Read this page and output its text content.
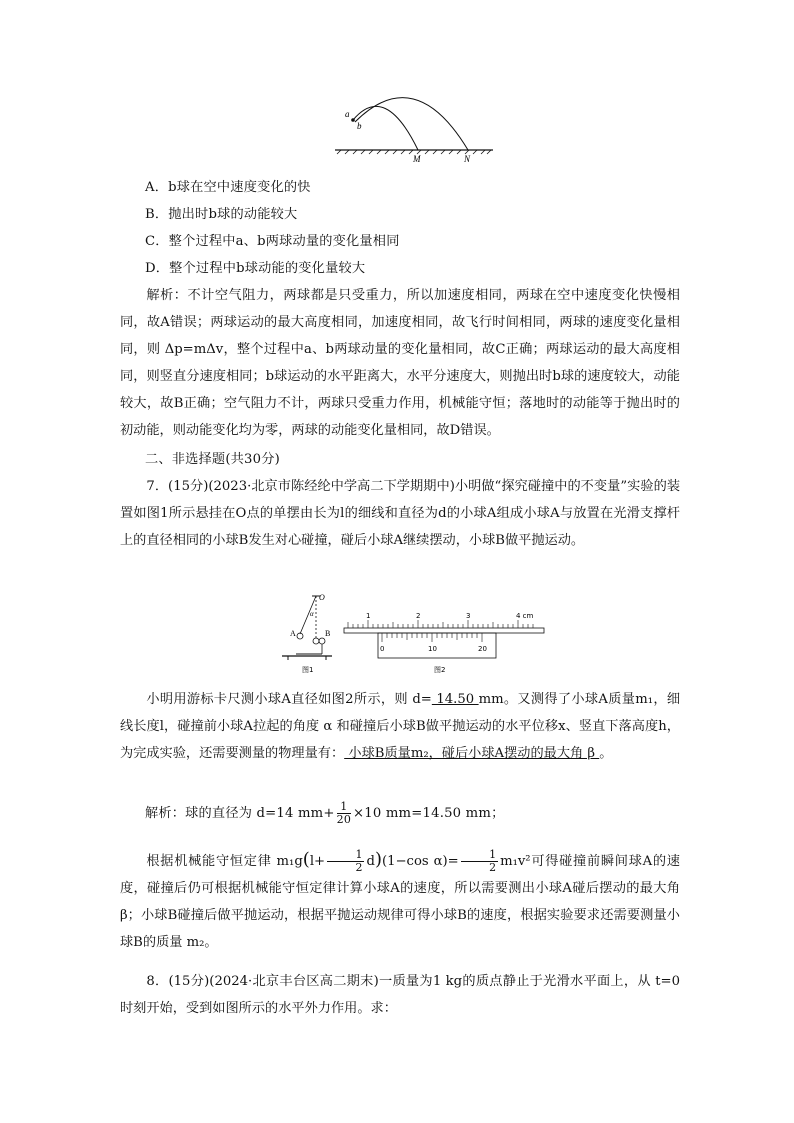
a
b
M	N
A．b球在空中速度变化的快
B．抛出时b球的动能较大
C．整个过程中a、b两球动量的变化量相同
D．整个过程中b球动能的变化量较大

解析：不计空气阻力，两球都是只受重力，所以加速度相同，两球在空中速度变化快慢相同，故A错误；两球运动的最大高度相同，加速度相同，故飞行时间相同，两球的速度变化量相同，则 Δp=mΔv，整个过程中a、b两球动量的变化量相同，故C正确；两球运动的最大高度相同，则竖直分速度相同；b球运动的水平距离大，水平分速度大，则抛出时b球的速度较大，动能较大，故B正确；空气阻力不计，两球只受重力作用，机械能守恒；落地时的动能等于抛出时的初动能，则动能变化均为零，两球的动能变化量相同，故D错误。

二、非选择题(共30分)

7．(15分)(2023·北京市陈经纶中学高二下学期期中)小明做“探究碰撞中的不变量”实验的装置如图1所示悬挂在O点的单摆由长为l的细线和直径为d的小球A组成小球A与放置在光滑支撑杆上的直径相同的小球B发生对心碰撞，碰后小球A继续摆动，小球B做平抛运动。

O
α
A	B
图1
1	2	3	4 cm
0	10	20
图2

小明用游标卡尺测小球A直径如图2所示，则 d= 14.50 mm。又测得了小球A质量m₁，细线长度l，碰撞前小球A拉起的角度 α 和碰撞后小球B做平抛运动的水平位移x、竖直下落高度h，为完成实验，还需要测量的物理量有： 小球B质量m₂，碰后小球A摆动的最大角 β 。

解析：球的直径为 d=14 $mm+ \frac{1}{20} \times 10$ mm=14.50 mm；

根据机械能守恒定律 $m_1g(l+ \frac{1}{2} d)(1-\cos$ $\alpha)= \frac{1}{2} m_1v^2$可得碰撞前瞬间球A的速度，碰撞后仍可根据机械能守恒定律计算小球A的速度，所以需要测出小球A碰后摆动的最大角 β；小球B碰撞后做平抛运动，根据平抛运动规律可得小球B的速度，根据实验要求还需要测量小球B的质量 m₂。

8．(15分)(2024·北京丰台区高二期末)一质量为1 kg的质点静止于光滑水平面上，从 t=0时刻开始，受到如图所示的水平外力作用。求：
